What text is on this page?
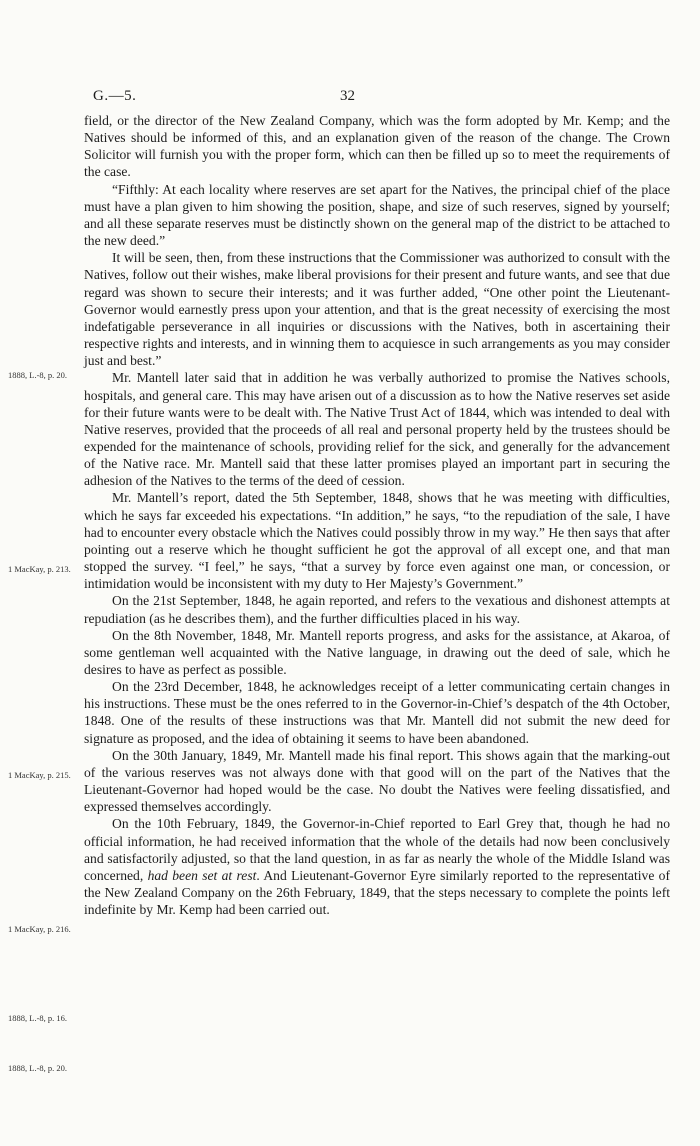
G.—5.	32

field, or the director of the New Zealand Company, which was the form adopted by Mr. Kemp; and the Natives should be informed of this, and an explanation given of the reason of the change. The Crown Solicitor will furnish you with the proper form, which can then be filled up so to meet the requirements of the case.

“Fifthly: At each locality where reserves are set apart for the Natives, the principal chief of the place must have a plan given to him showing the position, shape, and size of such reserves, signed by yourself; and all these separate reserves must be distinctly shown on the general map of the district to be attached to the new deed.”

It will be seen, then, from these instructions that the Commissioner was authorized to consult with the Natives, follow out their wishes, make liberal provisions for their present and future wants, and see that due regard was shown to secure their interests; and it was further added, “One other point the Lieutenant-Governor would earnestly press upon your attention, and that is the great necessity of exercising the most indefatigable perseverance in all inquiries or discussions with the Natives, both in ascertaining their respective rights and interests, and in winning them to acquiesce in such arrangements as you may consider just and best.”

Mr. Mantell later said that in addition he was verbally authorized to promise the Natives schools, hospitals, and general care. This may have arisen out of a discussion as to how the Native reserves set aside for their future wants were to be dealt with. The Native Trust Act of 1844, which was intended to deal with Native reserves, provided that the proceeds of all real and personal property held by the trustees should be expended for the maintenance of schools, providing relief for the sick, and generally for the advancement of the Native race. Mr. Mantell said that these latter promises played an important part in securing the adhesion of the Natives to the terms of the deed of cession.

Mr. Mantell’s report, dated the 5th September, 1848, shows that he was meeting with difficulties, which he says far exceeded his expectations. “In addition,” he says, “to the repudiation of the sale, I have had to encounter every obstacle which the Natives could possibly throw in my way.” He then says that after pointing out a reserve which he thought sufficient he got the approval of all except one, and that man stopped the survey. “I feel,” he says, “that a survey by force even against one man, or concession, or intimidation would be inconsistent with my duty to Her Majesty’s Government.”

On the 21st September, 1848, he again reported, and refers to the vexatious and dishonest attempts at repudiation (as he describes them), and the further difficulties placed in his way.

On the 8th November, 1848, Mr. Mantell reports progress, and asks for the assistance, at Akaroa, of some gentleman well acquainted with the Native language, in drawing out the deed of sale, which he desires to have as perfect as possible.

On the 23rd December, 1848, he acknowledges receipt of a letter communicating certain changes in his instructions. These must be the ones referred to in the Governor-in-Chief’s despatch of the 4th October, 1848. One of the results of these instructions was that Mr. Mantell did not submit the new deed for signature as proposed, and the idea of obtaining it seems to have been abandoned.

On the 30th January, 1849, Mr. Mantell made his final report. This shows again that the marking-out of the various reserves was not always done with that good will on the part of the Natives that the Lieutenant-Governor had hoped would be the case. No doubt the Natives were feeling dissatisfied, and expressed themselves accordingly.

On the 10th February, 1849, the Governor-in-Chief reported to Earl Grey that, though he had no official information, he had received information that the whole of the details had now been conclusively and satisfactorily adjusted, so that the land question, in as far as nearly the whole of the Middle Island was concerned, had been set at rest. And Lieutenant-Governor Eyre similarly reported to the representative of the New Zealand Company on the 26th February, 1849, that the steps necessary to complete the points left indefinite by Mr. Kemp had been carried out.

1888, L.-8, p. 20.
1 MacKay, p. 213.
1 MacKay, p. 215.
1 MacKay, p. 216.
1888, L.-8, p. 16.
1888, L.-8, p. 20.
